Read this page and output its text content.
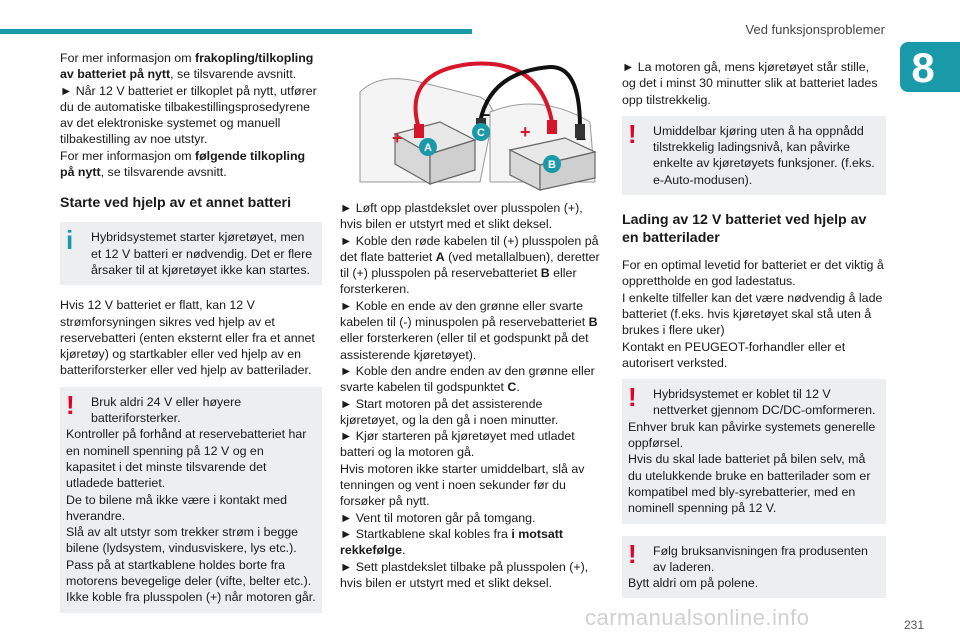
Ved funksjonsproblemer
8

For mer informasjon om frakopling/tilkopling av batteriet på nytt, se tilsvarende avsnitt.

► Når 12 V batteriet er tilkoplet på nytt, utfører du de automatiske tilbakestillingsprosedyrene av det elektroniske systemet og manuell tilbakestilling av noe utstyr.

For mer informasjon om følgende tilkopling på nytt, se tilsvarende avsnitt.

Starte ved hjelp av et annet batteri
i	Hybridsystemet starter kjøretøyet, men et 12 V batteri er nødvendig. Det er flere årsaker til at kjøretøyet ikke kan startes.

Hvis 12 V batteriet er flatt, kan 12 V strømforsyningen sikres ved hjelp av et reservebatteri (enten eksternt eller fra et annet kjøretøy) og startkabler eller ved hjelp av en batteriforsterker eller ved hjelp av batterilader.

!	Bruk aldri 24 V eller høyere batteriforsterker.

Kontroller på forhånd at reservebatteriet har en nominell spenning på 12 V og en kapasitet i det minste tilsvarende det utladede batteriet.

De to bilene må ikke være i kontakt med hverandre.

Slå av alt utstyr som trekker strøm i begge bilene (lydsystem, vindusviskere, lys etc.).

Pass på at startkablene holdes borte fra motorens bevegelige deler (vifte, belter etc.).

Ikke koble fra plusspolen (+) når motoren går.

+	+
–
–
A
C
B

► Løft opp plastdekslet over plusspolen (+), hvis bilen er utstyrt med et slikt deksel.

► Koble den røde kabelen til (+) plusspolen på det flate batteriet A (ved metallalbuen), deretter til (+) plusspolen på reservebatteriet B eller forsterkeren.

► Koble en ende av den grønne eller svarte kabelen til (-) minuspolen på reservebatteriet B eller forsterkeren (eller til et godspunkt på det assisterende kjøretøyet).

► Koble den andre enden av den grønne eller svarte kabelen til godspunktet C.

► Start motoren på det assisterende kjøretøyet, og la den gå i noen minutter.

► Kjør starteren på kjøretøyet med utladet batteri og la motoren gå.

Hvis motoren ikke starter umiddelbart, slå av tenningen og vent i noen sekunder før du forsøker på nytt.

► Vent til motoren går på tomgang.

► Startkablene skal kobles fra i motsatt rekkefølge.

► Sett plastdekslet tilbake på plusspolen (+), hvis bilen er utstyrt med et slikt deksel.

► La motoren gå, mens kjøretøyet står stille, og det i minst 30 minutter slik at batteriet lades opp tilstrekkelig.

!	Umiddelbar kjøring uten å ha oppnådd tilstrekkelig ladingsnivå, kan påvirke enkelte av kjøretøyets funksjoner. (f.eks. e-Auto-modusen).

Lading av 12 V batteriet ved hjelp av en batterilader

For en optimal levetid for batteriet er det viktig å opprettholde en god ladestatus.

I enkelte tilfeller kan det være nødvendig å lade batteriet (f.eks. hvis kjøretøyet skal stå uten å brukes i flere uker)

Kontakt en PEUGEOT-forhandler eller et autorisert verksted.

!	Hybridsystemet er koblet til 12 V nettverket gjennom DC/DC-omformeren.

Enhver bruk kan påvirke systemets generelle oppførsel.

Hvis du skal lade batteriet på bilen selv, må du utelukkende bruke en batterilader som er kompatibel med bly-syrebatterier, med en nominell spenning på 12 V.

!	Følg bruksanvisningen fra produsenten av laderen.

Bytt aldri om på polene.

carmanualsonline.info	231
